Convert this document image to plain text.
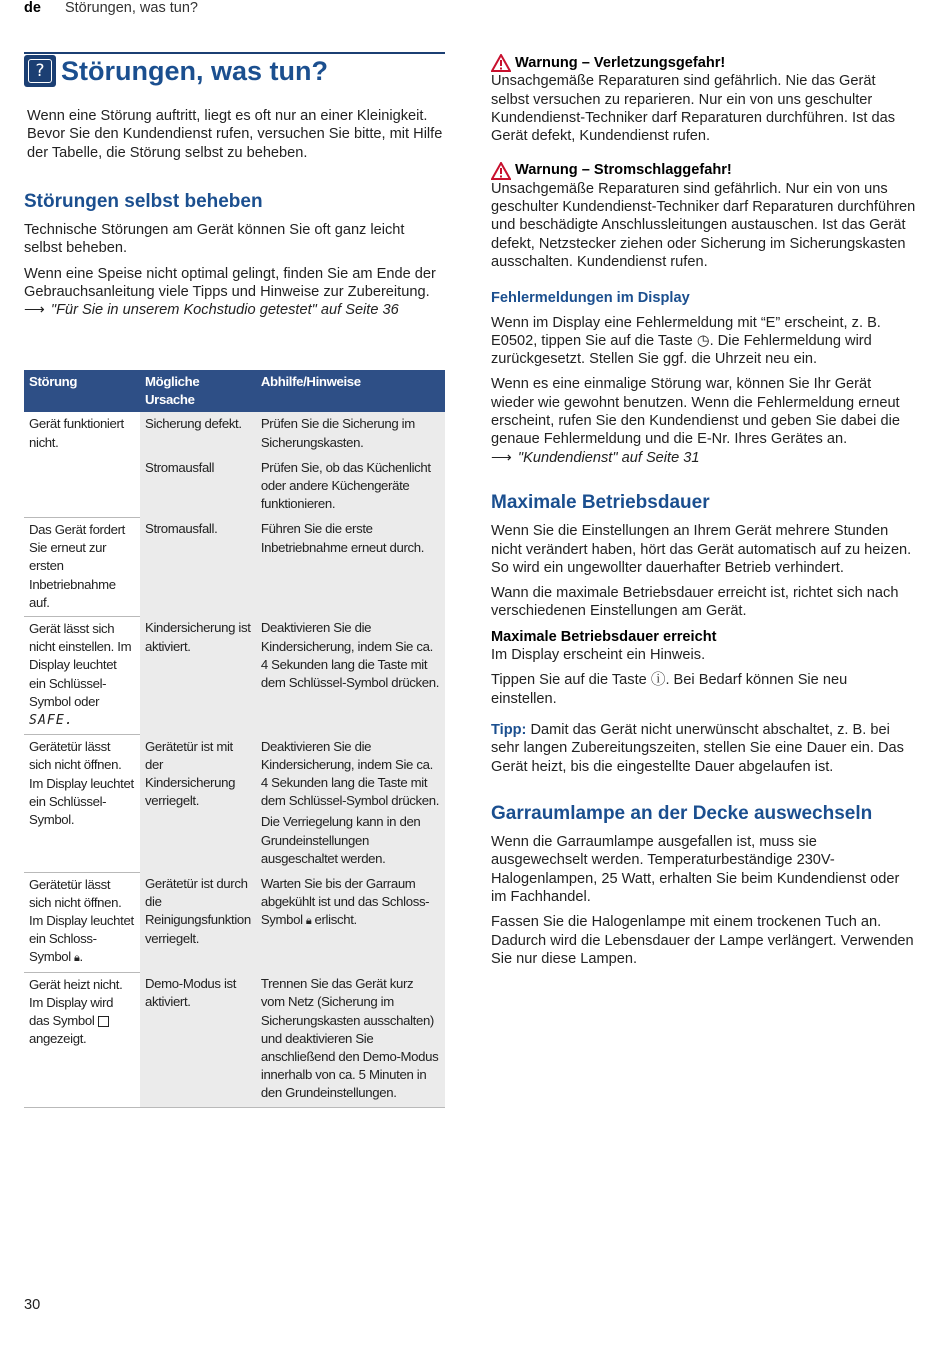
de Störungen, was tun?
? Störungen, was tun?

Wenn eine Störung auftritt, liegt es oft nur an einer Kleinigkeit. Bevor Sie den Kundendienst rufen, versuchen Sie bitte, mit Hilfe der Tabelle, die Störung selbst zu beheben.

Störungen selbst beheben

Technische Störungen am Gerät können Sie oft ganz leicht selbst beheben.

Wenn eine Speise nicht optimal gelingt, finden Sie am Ende der Gebrauchsanleitung viele Tipps und Hinweise zur Zubereitung. ⟶ "Für Sie in unserem Kochstudio getestet" auf Seite 36

Störung	Mögliche Ursache	Abhilfe/Hinweise
Gerät funktioniert nicht.	Sicherung defekt.	Prüfen Sie die Sicherung im Sicherungskasten.
	Stromausfall	Prüfen Sie, ob das Küchenlicht oder andere Küchengeräte funktionieren.
Das Gerät fordert Sie erneut zur ersten Inbetriebnahme auf.	Stromausfall.	Führen Sie die erste Inbetriebnahme erneut durch.
Gerät lässt sich nicht einstellen. Im Display leuchtet ein Schlüssel-Symbol oder SAFE.	Kindersicherung ist aktiviert.	Deaktivieren Sie die Kindersicherung, indem Sie ca. 4 Sekunden lang die Taste mit dem Schlüssel-Symbol drücken.
Gerätetür lässt sich nicht öffnen. Im Display leuchtet ein Schlüssel-Symbol.	Gerätetür ist mit der Kindersicherung verriegelt.	Deaktivieren Sie die Kindersicherung, indem Sie ca. 4 Sekunden lang die Taste mit dem Schlüssel-Symbol drücken.
Die Verriegelung kann in den Grundeinstellungen ausgeschaltet werden.

Gerätetür lässt sich nicht öffnen. Im Display leuchtet ein Schloss-Symbol 🔒︎.	Gerätetür ist durch die Reinigungsfunktion verriegelt.	Warten Sie bis der Garraum abgekühlt ist und das Schloss-Symbol 🔒︎ erlischt.
Gerät heizt nicht. Im Display wird das Symbol  angezeigt.	Demo-Modus ist aktiviert.	Trennen Sie das Gerät kurz vom Netz (Sicherung im Sicherungskasten ausschalten) und deaktivieren Sie anschließend den Demo-Modus innerhalb von ca. 5 Minuten in den Grundeinstellungen.
Warnung – Verletzungsgefahr!

Unsachgemäße Reparaturen sind gefährlich. Nie das Gerät selbst versuchen zu reparieren. Nur ein von uns geschulter Kundendienst-Techniker darf Reparaturen durchführen. Ist das Gerät defekt, Kundendienst rufen.

Warnung – Stromschlaggefahr!

Unsachgemäße Reparaturen sind gefährlich. Nur ein von uns geschulter Kundendienst-Techniker darf Reparaturen durchführen und beschädigte Anschlussleitungen austauschen. Ist das Gerät defekt, Netzstecker ziehen oder Sicherung im Sicherungskasten ausschalten. Kundendienst rufen.

Fehlermeldungen im Display

Wenn im Display eine Fehlermeldung mit “E” erscheint, z. B. E0502, tippen Sie auf die Taste ◷. Die Fehlermeldung wird zurückgesetzt. Stellen Sie ggf. die Uhrzeit neu ein.

Wenn es eine einmalige Störung war, können Sie Ihr Gerät wieder wie gewohnt benutzen. Wenn die Fehlermeldung erneut erscheint, rufen Sie den Kundendienst und geben Sie dabei die genaue Fehlermeldung und die E-Nr. Ihres Gerätes an.
⟶ "Kundendienst" auf Seite 31

Maximale Betriebsdauer

Wenn Sie die Einstellungen an Ihrem Gerät mehrere Stunden nicht verändert haben, hört das Gerät automatisch auf zu heizen. So wird ein ungewollter dauerhafter Betrieb verhindert.

Wann die maximale Betriebsdauer erreicht ist, richtet sich nach verschiedenen Einstellungen am Gerät.

Maximale Betriebsdauer erreicht

Im Display erscheint ein Hinweis.

Tippen Sie auf die Taste ⓘ. Bei Bedarf können Sie neu einstellen.

Tipp: Damit das Gerät nicht unerwünscht abschaltet, z. B. bei sehr langen Zubereitungszeiten, stellen Sie eine Dauer ein. Das Gerät heizt, bis die eingestellte Dauer abgelaufen ist.

Garraumlampe an der Decke auswechseln

Wenn die Garraumlampe ausgefallen ist, muss sie ausgewechselt werden. Temperaturbeständige 230V-Halogenlampen, 25 Watt, erhalten Sie beim Kundendienst oder im Fachhandel.

Fassen Sie die Halogenlampe mit einem trockenen Tuch an. Dadurch wird die Lebensdauer der Lampe verlängert. Verwenden Sie nur diese Lampen.

30
